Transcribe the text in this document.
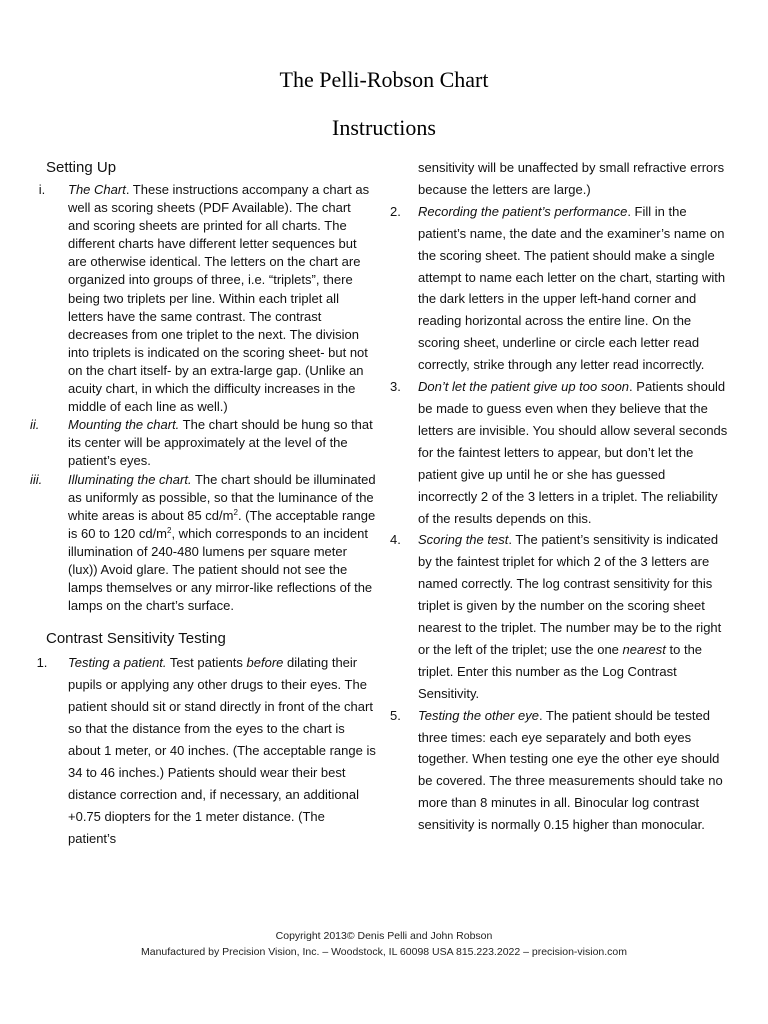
The Pelli-Robson Chart
Instructions
Setting Up
i.	The Chart. These instructions accompany a chart as well as scoring sheets (PDF Available). The chart and scoring sheets are printed for all charts. The different charts have different letter sequences but are otherwise identical. The letters on the chart are organized into groups of three, i.e. “triplets”, there being two triplets per line. Within each triplet all letters have the same contrast. The contrast decreases from one triplet to the next. The division into triplets is indicated on the scoring sheet- but not on the chart itself- by an extra-large gap. (Unlike an acuity chart, in which the difficulty increases in the middle of each line as well.)
ii.	Mounting the chart. The chart should be hung so that its center will be approximately at the level of the patient’s eyes.
iii.	Illuminating the chart. The chart should be illuminated as uniformly as possible, so that the luminance of the white areas is about 85 $cd/m^2$. (The acceptable range is 60 to 120 $cd/m^2$, which corresponds to an incident illumination of 240-480 lumens per square meter (lux)) Avoid glare. The patient should not see the lamps themselves or any mirror-like reflections of the lamps on the chart’s surface.
Contrast Sensitivity Testing
1.	Testing a patient. Test patients before dilating their pupils or applying any other drugs to their eyes. The patient should sit or stand directly in front of the chart so that the distance from the eyes to the chart is about 1 meter, or 40 inches. (The acceptable range is 34 to 46 inches.) Patients should wear their best distance correction and, if necessary, an additional +0.75 diopters for the 1 meter distance. (The patient’s
sensitivity will be unaffected by small refractive errors because the letters are large.)
2.	Recording the patient’s performance. Fill in the patient’s name, the date and the examiner’s name on the scoring sheet. The patient should make a single attempt to name each letter on the chart, starting with the dark letters in the upper left-hand corner and reading horizontal across the entire line. On the scoring sheet, underline or circle each letter read correctly, strike through any letter read incorrectly.
3.	Don’t let the patient give up too soon. Patients should be made to guess even when they believe that the letters are invisible. You should allow several seconds for the faintest letters to appear, but don’t let the patient give up until he or she has guessed incorrectly 2 of the 3 letters in a triplet. The reliability of the results depends on this.
4.	Scoring the test. The patient’s sensitivity is indicated by the faintest triplet for which 2 of the 3 letters are named correctly. The log contrast sensitivity for this triplet is given by the number on the scoring sheet nearest to the triplet. The number may be to the right or the left of the triplet; use the one nearest to the triplet. Enter this number as the Log Contrast Sensitivity.
5.	Testing the other eye. The patient should be tested three times: each eye separately and both eyes together. When testing one eye the other eye should be covered. The three measurements should take no more than 8 minutes in all. Binocular log contrast sensitivity is normally 0.15 higher than monocular.
Copyright 2013© Denis Pelli and John Robson
Manufactured by Precision Vision, Inc. – Woodstock, IL 60098 USA 815.223.2022 – precision-vision.com
